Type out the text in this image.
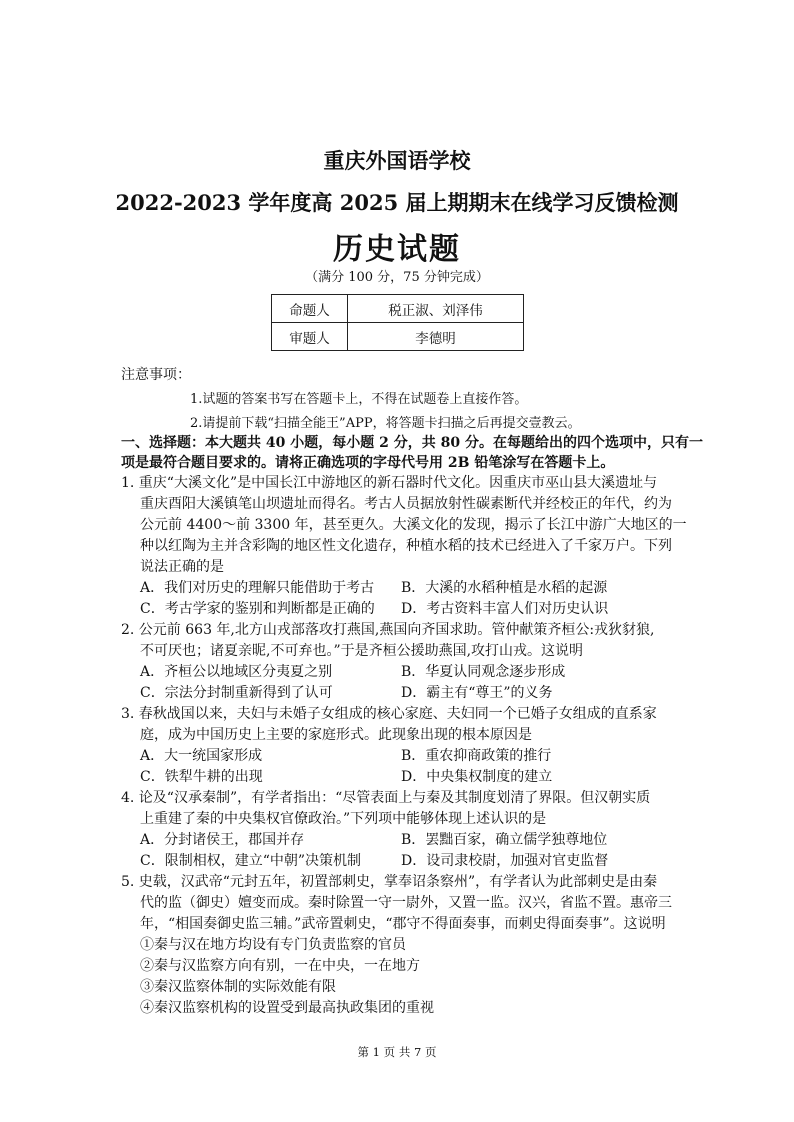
重庆外国语学校
2022-2023 学年度高 2025 届上期期末在线学习反馈检测
历史试题
（满分 100 分，75 分钟完成）
命题人	税正淑、刘泽伟
审题人	李德明
注意事项：
1.试题的答案书写在答题卡上，不得在试题卷上直接作答。
2.请提前下载“扫描全能王”APP，将答题卡扫描之后再提交壹教云。
一、选择题：本大题共 40 小题，每小题 2 分，共 80 分。在每题给出的四个选项中，只有一
项是最符合题目要求的。请将正确选项的字母代号用 2B 铅笔涂写在答题卡上。
1. 重庆“大溪文化”是中国长江中游地区的新石器时代文化。因重庆市巫山县大溪遗址与
重庆酉阳大溪镇笔山坝遗址而得名。考古人员据放射性碳素断代并经校正的年代，约为
公元前 4400～前 3300 年，甚至更久。大溪文化的发现，揭示了长江中游广大地区的一
种以红陶为主并含彩陶的地区性文化遗存，种植水稻的技术已经进入了千家万户。下列
说法正确的是
A．我们对历史的理解只能借助于考古 B．大溪的水稻种植是水稻的起源
C．考古学家的鉴别和判断都是正确的 D．考古资料丰富人们对历史认识
2. 公元前 663 年,北方山戎部落攻打燕国,燕国向齐国求助。管仲献策齐桓公:戎狄豺狼,
不可厌也；诸夏亲昵,不可弃也。”于是齐桓公援助燕国,攻打山戎。这说明
A．齐桓公以地域区分夷夏之别	B．华夏认同观念逐步形成
C．宗法分封制重新得到了认可	D．霸主有“尊王”的义务
3. 春秋战国以来，夫妇与未婚子女组成的核心家庭、夫妇同一个已婚子女组成的直系家
庭，成为中国历史上主要的家庭形式。此现象出现的根本原因是
A．大一统国家形成	B．重农抑商政策的推行
C．铁犁牛耕的出现	D．中央集权制度的建立
4. 论及“汉承秦制”，有学者指出：“尽管表面上与秦及其制度划清了界限。但汉朝实质
上重建了秦的中央集权官僚政治。”下列项中能够体现上述认识的是
A．分封诸侯王，郡国并存	B．罢黜百家，确立儒学独尊地位
C．限制相权，建立“中朝”决策机制	D．设司隶校尉，加强对官吏监督
5. 史载，汉武帝“元封五年，初置部刺史，掌奉诏条察州”，有学者认为此部刺史是由秦
代的监（御史）嬗变而成。秦时除置一守一尉外，又置一监。汉兴，省监不置。惠帝三
年，“相国奏御史监三辅。”武帝置刺史，“郡守不得面奏事，而刺史得面奏事”。这说明
①秦与汉在地方均设有专门负责监察的官员
②秦与汉监察方向有别，一在中央，一在地方
③秦汉监察体制的实际效能有限
④秦汉监察机构的设置受到最高执政集团的重视
第 1 页 共 7 页
